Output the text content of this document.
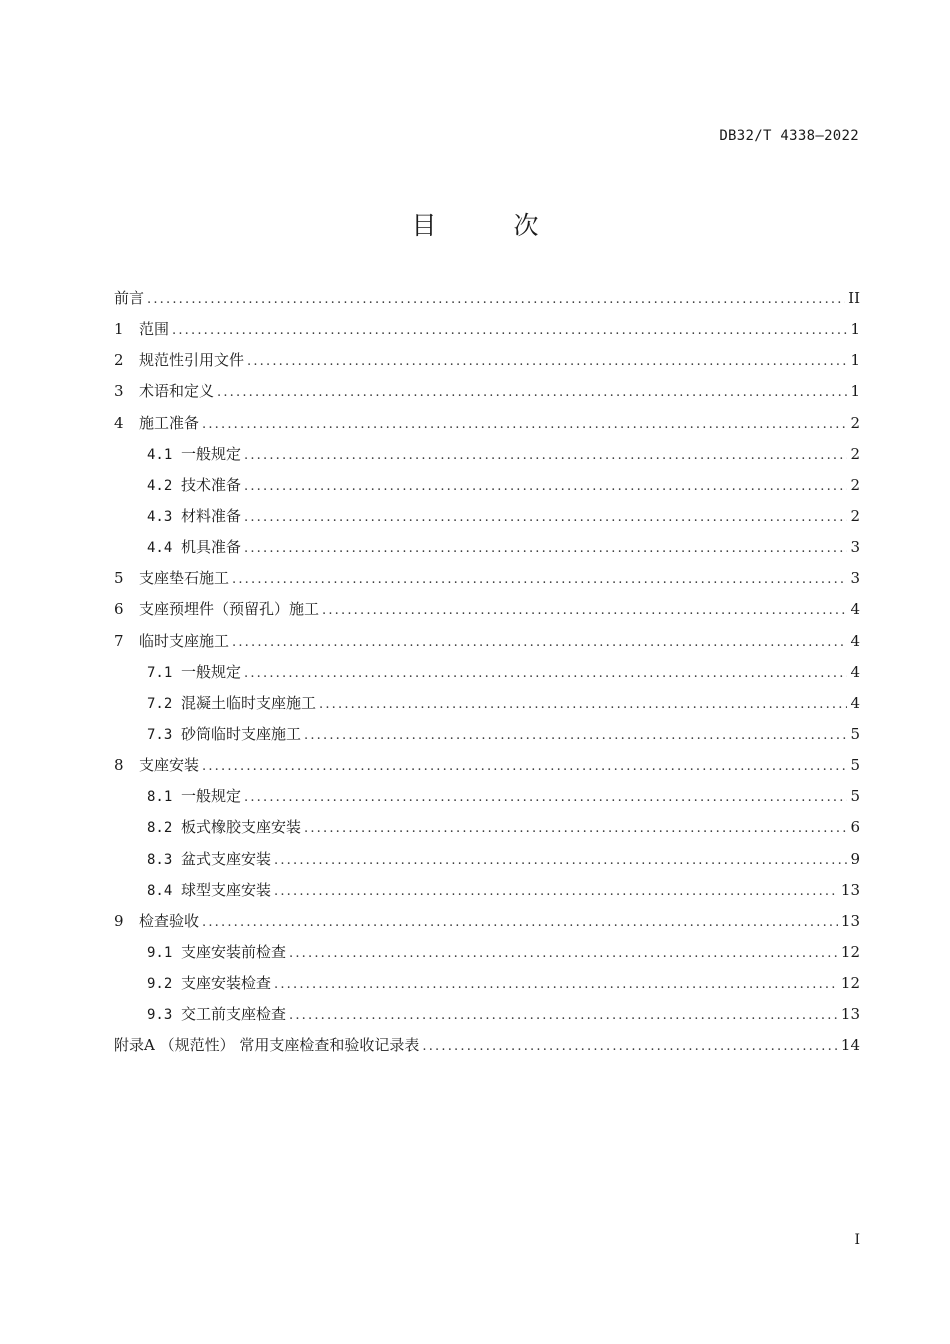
DB32/T 4338—2022
目　次
前言 .....	II
1 范围 .....	1
2 规范性引用文件 .....	1
3 术语和定义 .....	1
4 施工准备 .....	2
4.1 一般规定 .....	2
4.2 技术准备 .....	2
4.3 材料准备 .....	2
4.4 机具准备 .....	3
5 支座垫石施工 .....	3
6 支座预埋件（预留孔）施工 .....	4
7 临时支座施工 .....	4
7.1 一般规定 .....	4
7.2 混凝土临时支座施工 .....	4
7.3 砂筒临时支座施工 .....	5
8 支座安装 .....	5
8.1 一般规定 .....	5
8.2 板式橡胶支座安装 .....	6
8.3 盆式支座安装 .....	9
8.4 球型支座安装 .....	13
9 检查验收 .....	13
9.1 支座安装前检查 .....	12
9.2 支座安装检查 .....	12
9.3 交工前支座检查 .....	13
附录A （规范性） 常用支座检查和验收记录表 .....	14
I
